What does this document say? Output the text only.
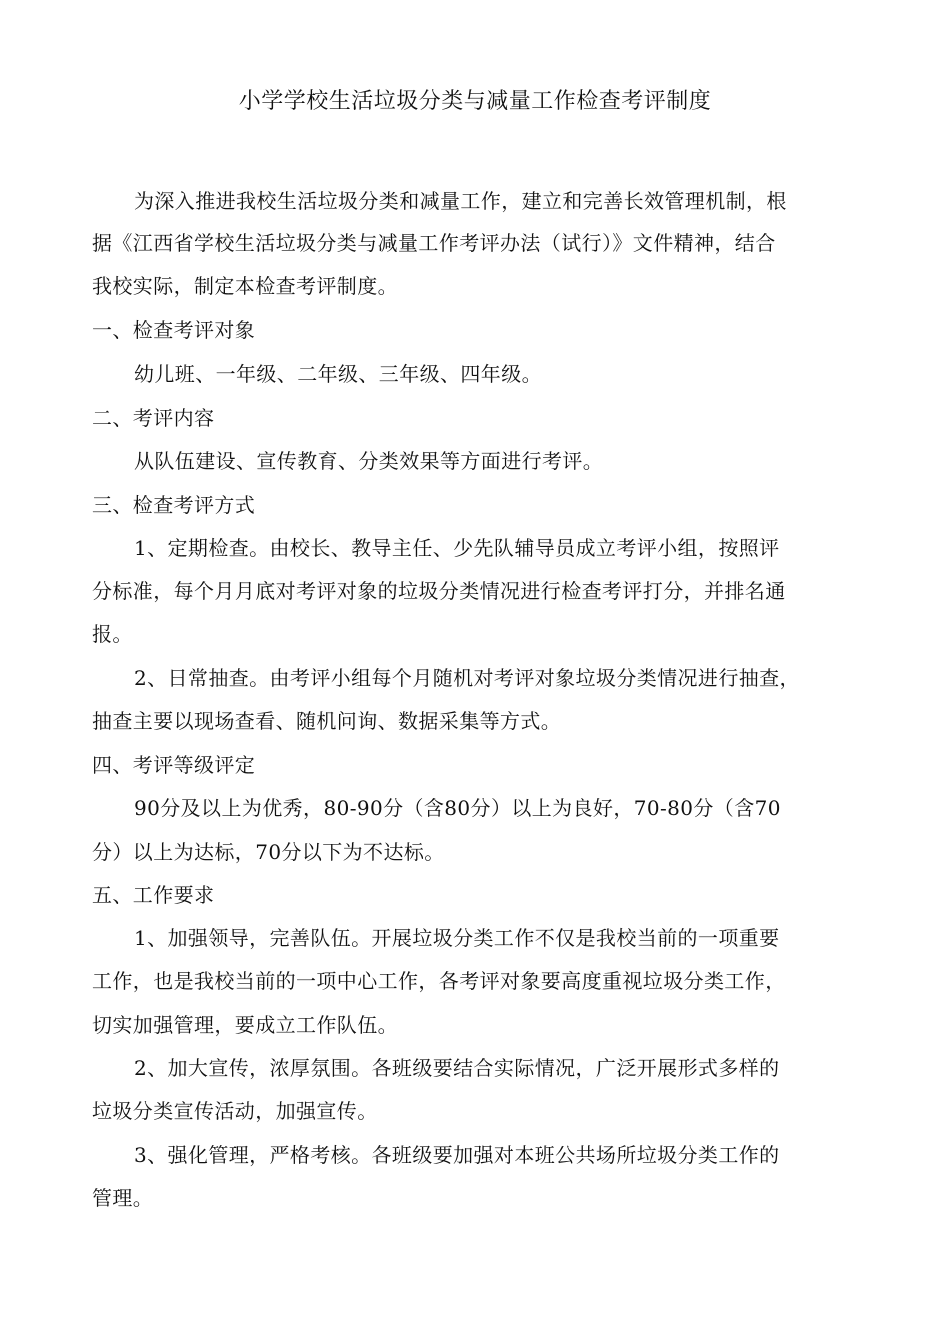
小学学校生活垃圾分类与减量工作检查考评制度
为深入推进我校生活垃圾分类和减量工作，建立和完善长效管理机制，根
据《江西省学校生活垃圾分类与减量工作考评办法（试行）》文件精神，结合
我校实际，制定本检查考评制度。
一、检查考评对象
幼儿班、一年级、二年级、三年级、四年级。
二、考评内容
从队伍建设、宣传教育、分类效果等方面进行考评。
三、检查考评方式
1、定期检查。由校长、教导主任、少先队辅导员成立考评小组，按照评
分标准，每个月月底对考评对象的垃圾分类情况进行检查考评打分，并排名通
报。
2、日常抽查。由考评小组每个月随机对考评对象垃圾分类情况进行抽查，
抽查主要以现场查看、随机问询、数据采集等方式。
四、考评等级评定
90分及以上为优秀，80-90分（含80分）以上为良好，70-80分（含70
分）以上为达标，70分以下为不达标。
五、工作要求
1、加强领导，完善队伍。开展垃圾分类工作不仅是我校当前的一项重要
工作，也是我校当前的一项中心工作，各考评对象要高度重视垃圾分类工作，
切实加强管理，要成立工作队伍。
2、加大宣传，浓厚氛围。各班级要结合实际情况，广泛开展形式多样的
垃圾分类宣传活动，加强宣传。
3、强化管理，严格考核。各班级要加强对本班公共场所垃圾分类工作的
管理。
